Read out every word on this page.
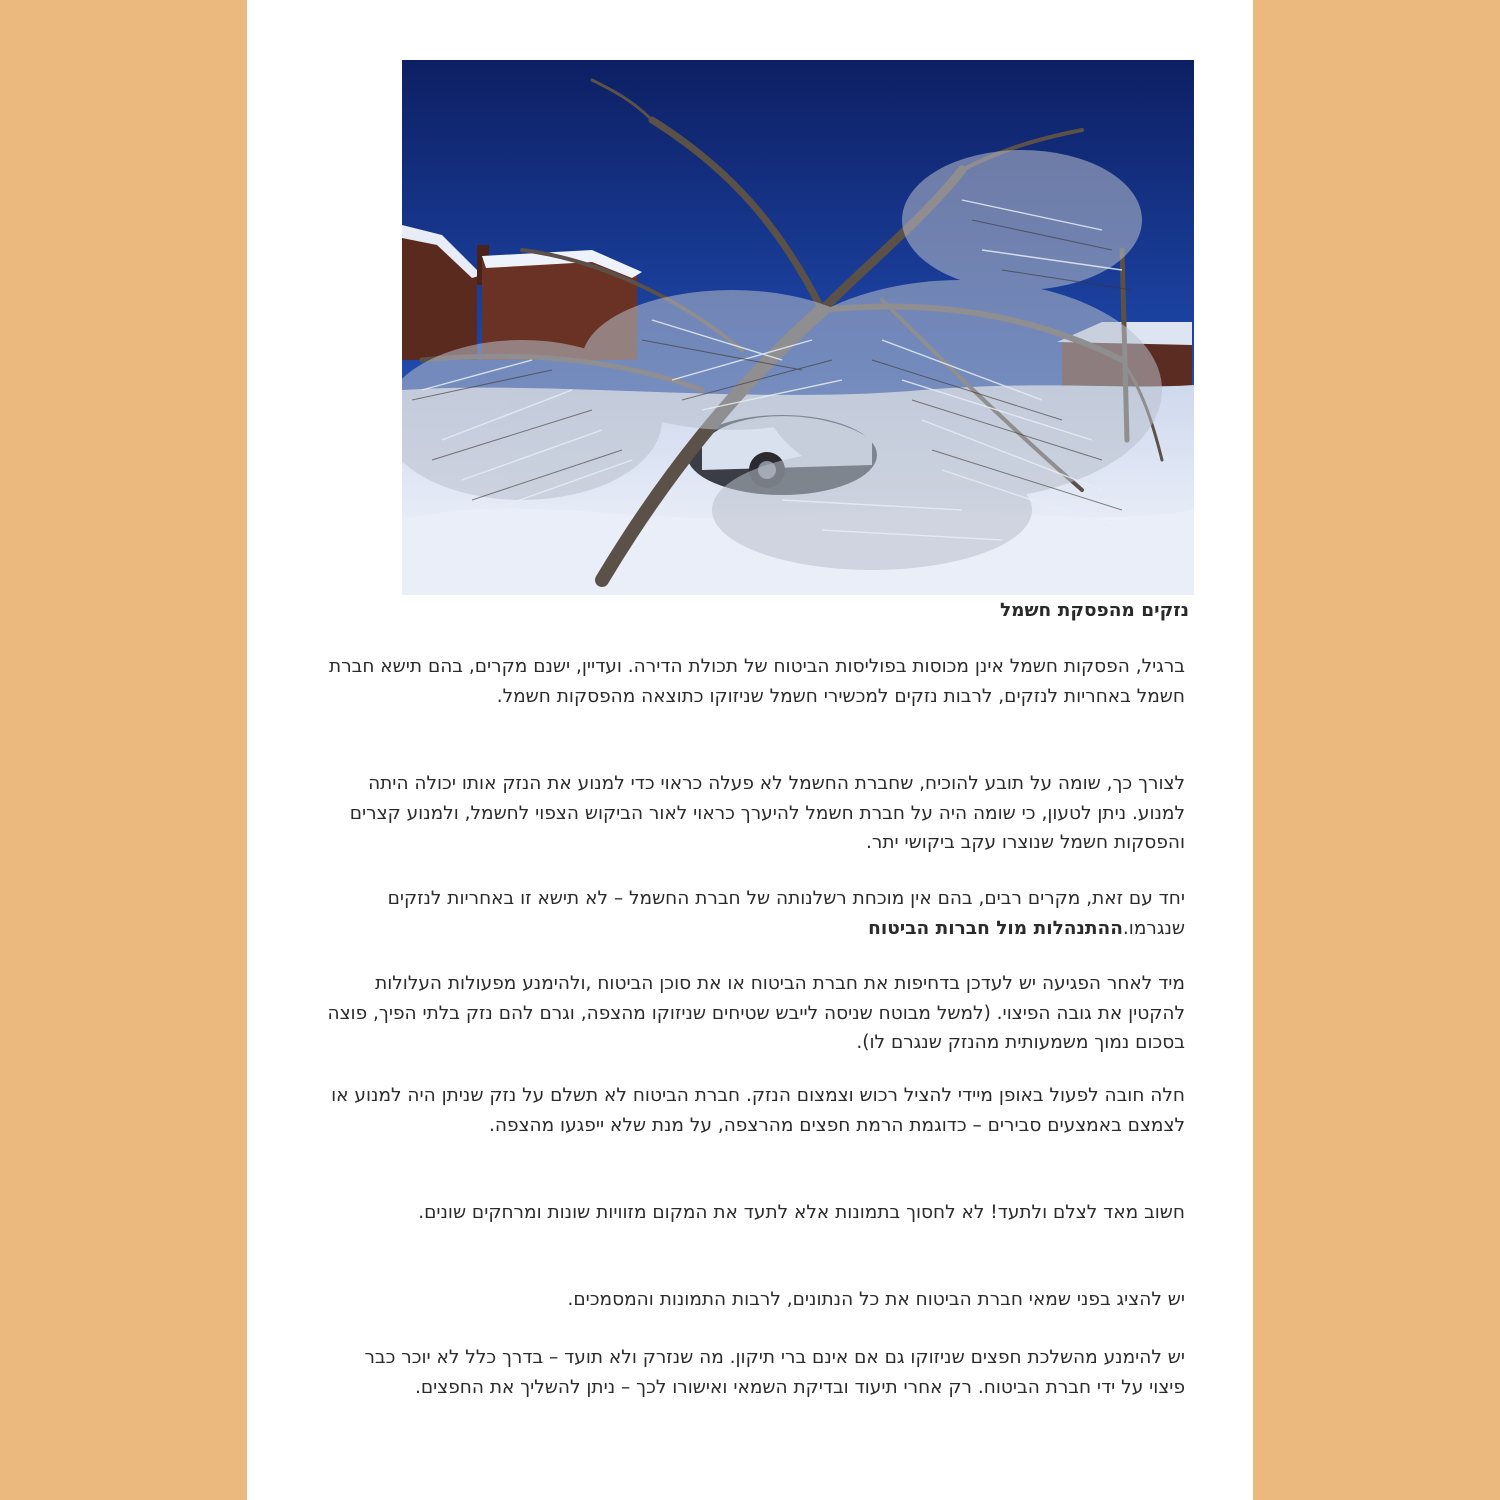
נזקים מהפסקת חשמל

ברגיל, הפסקות חשמל אינן מכוסות בפוליסות הביטוח של תכולת הדירה. ועדיין, ישנם מקרים, בהם תישא חברת חשמל באחריות לנזקים, לרבות נזקים למכשירי חשמל שניזוקו כתוצאה מהפסקות חשמל.

לצורך כך, שומה על תובע להוכיח, שחברת החשמל לא פעלה כראוי כדי למנוע את הנזק אותו יכולה היתה למנוע. ניתן לטעון, כי שומה היה על חברת חשמל להיערך כראוי לאור הביקוש הצפוי לחשמל, ולמנוע קצרים והפסקות חשמל שנוצרו עקב ביקושי יתר.

יחד עם זאת, מקרים רבים, בהם אין מוכחת רשלנותה של חברת החשמל – לא תישא זו באחריות לנזקים שנגרמו.ההתנהלות מול חברות הביטוח

מיד לאחר הפגיעה יש לעדכן בדחיפות את חברת הביטוח או את סוכן הביטוח ,ולהימנע מפעולות העלולות להקטין את גובה הפיצוי. (למשל מבוטח שניסה לייבש שטיחים שניזוקו מהצפה, וגרם להם נזק בלתי הפיך, פוצה בסכום נמוך משמעותית מהנזק שנגרם לו).

חלה חובה לפעול באופן מיידי להציל רכוש וצמצום הנזק. חברת הביטוח לא תשלם על נזק שניתן היה למנוע או לצמצם באמצעים סבירים – כדוגמת הרמת חפצים מהרצפה, על מנת שלא ייפגעו מהצפה.

חשוב מאד לצלם ולתעד! לא לחסוך בתמונות אלא לתעד את המקום מזוויות שונות ומרחקים שונים.

יש להציג בפני שמאי חברת הביטוח את כל הנתונים, לרבות התמונות והמסמכים.

יש להימנע מהשלכת חפצים שניזוקו גם אם אינם ברי תיקון. מה שנזרק ולא תועד – בדרך כלל לא יוכר כבר פיצוי על ידי חברת הביטוח. רק אחרי תיעוד ובדיקת השמאי ואישורו לכך – ניתן להשליך את החפצים.
